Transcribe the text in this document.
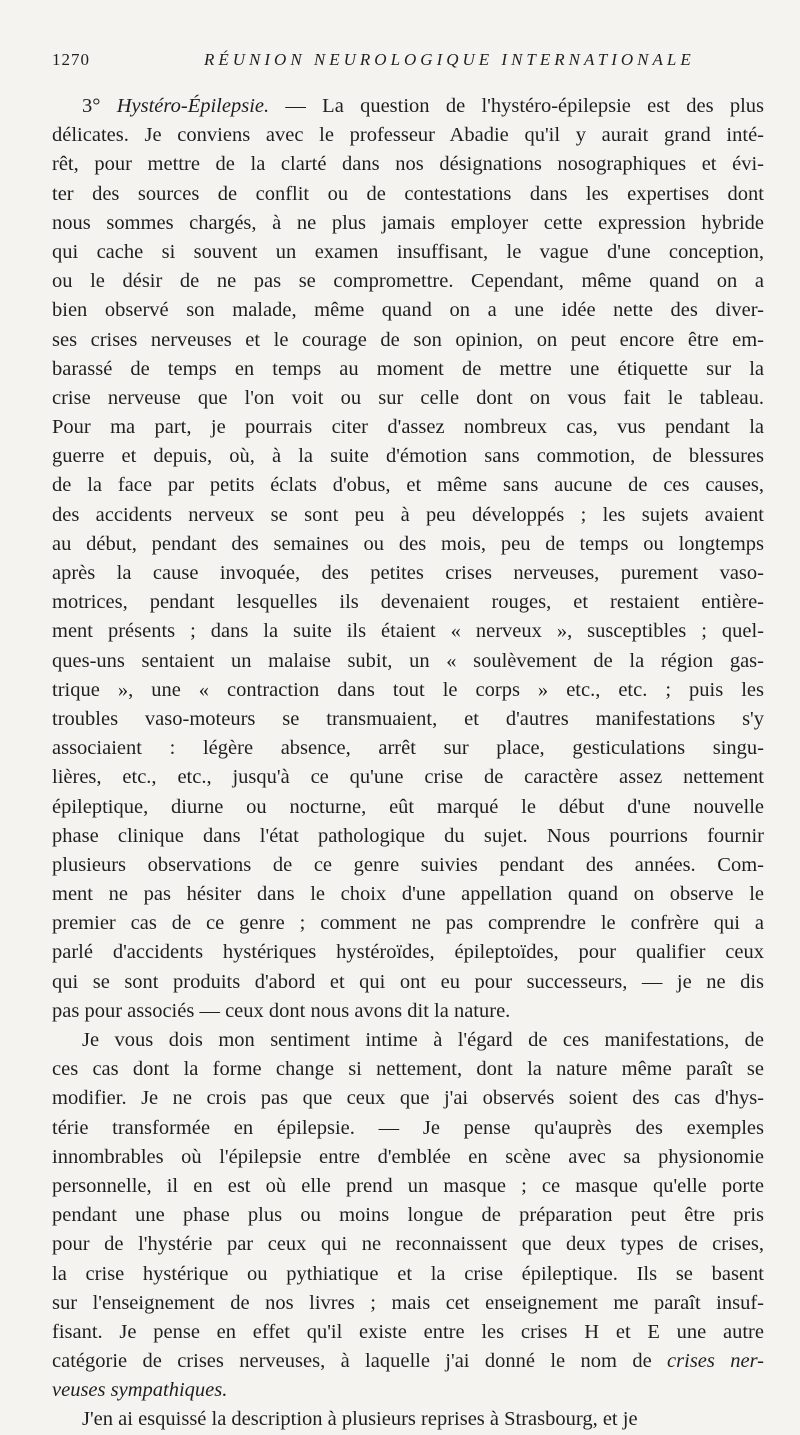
1270	RÉUNION NEUROLOGIQUE INTERNATIONALE
3° Hystéro-Épilepsie. — La question de l'hystéro-épilepsie est des plus
délicates. Je conviens avec le professeur Abadie qu'il y aurait grand inté-
rêt, pour mettre de la clarté dans nos désignations nosographiques et évi-
ter des sources de conflit ou de contestations dans les expertises dont
nous sommes chargés, à ne plus jamais employer cette expression hybride
qui cache si souvent un examen insuffisant, le vague d'une conception,
ou le désir de ne pas se compromettre. Cependant, même quand on a
bien observé son malade, même quand on a une idée nette des diver-
ses crises nerveuses et le courage de son opinion, on peut encore être em-
barassé de temps en temps au moment de mettre une étiquette sur la
crise nerveuse que l'on voit ou sur celle dont on vous fait le tableau.
Pour ma part, je pourrais citer d'assez nombreux cas, vus pendant la
guerre et depuis, où, à la suite d'émotion sans commotion, de blessures
de la face par petits éclats d'obus, et même sans aucune de ces causes,
des accidents nerveux se sont peu à peu développés ; les sujets avaient
au début, pendant des semaines ou des mois, peu de temps ou longtemps
après la cause invoquée, des petites crises nerveuses, purement vaso-
motrices, pendant lesquelles ils devenaient rouges, et restaient entière-
ment présents ; dans la suite ils étaient « nerveux », susceptibles ; quel-
ques-uns sentaient un malaise subit, un « soulèvement de la région gas-
trique », une « contraction dans tout le corps » etc., etc. ; puis les
troubles vaso-moteurs se transmuaient, et d'autres manifestations s'y
associaient : légère absence, arrêt sur place, gesticulations singu-
lières, etc., etc., jusqu'à ce qu'une crise de caractère assez nettement
épileptique, diurne ou nocturne, eût marqué le début d'une nouvelle
phase clinique dans l'état pathologique du sujet. Nous pourrions fournir
plusieurs observations de ce genre suivies pendant des années. Com-
ment ne pas hésiter dans le choix d'une appellation quand on observe le
premier cas de ce genre ; comment ne pas comprendre le confrère qui a
parlé d'accidents hystériques hystéroïdes, épileptoïdes, pour qualifier ceux
qui se sont produits d'abord et qui ont eu pour successeurs, — je ne dis
pas pour associés — ceux dont nous avons dit la nature.
Je vous dois mon sentiment intime à l'égard de ces manifestations, de
ces cas dont la forme change si nettement, dont la nature même paraît se
modifier. Je ne crois pas que ceux que j'ai observés soient des cas d'hys-
térie transformée en épilepsie. — Je pense qu'auprès des exemples
innombrables où l'épilepsie entre d'emblée en scène avec sa physionomie
personnelle, il en est où elle prend un masque ; ce masque qu'elle porte
pendant une phase plus ou moins longue de préparation peut être pris
pour de l'hystérie par ceux qui ne reconnaissent que deux types de crises,
la crise hystérique ou pythiatique et la crise épileptique. Ils se basent
sur l'enseignement de nos livres ; mais cet enseignement me paraît insuf-
fisant. Je pense en effet qu'il existe entre les crises H et E une autre
catégorie de crises nerveuses, à laquelle j'ai donné le nom de crises ner-
veuses sympathiques.
J'en ai esquissé la description à plusieurs reprises à Strasbourg, et je
